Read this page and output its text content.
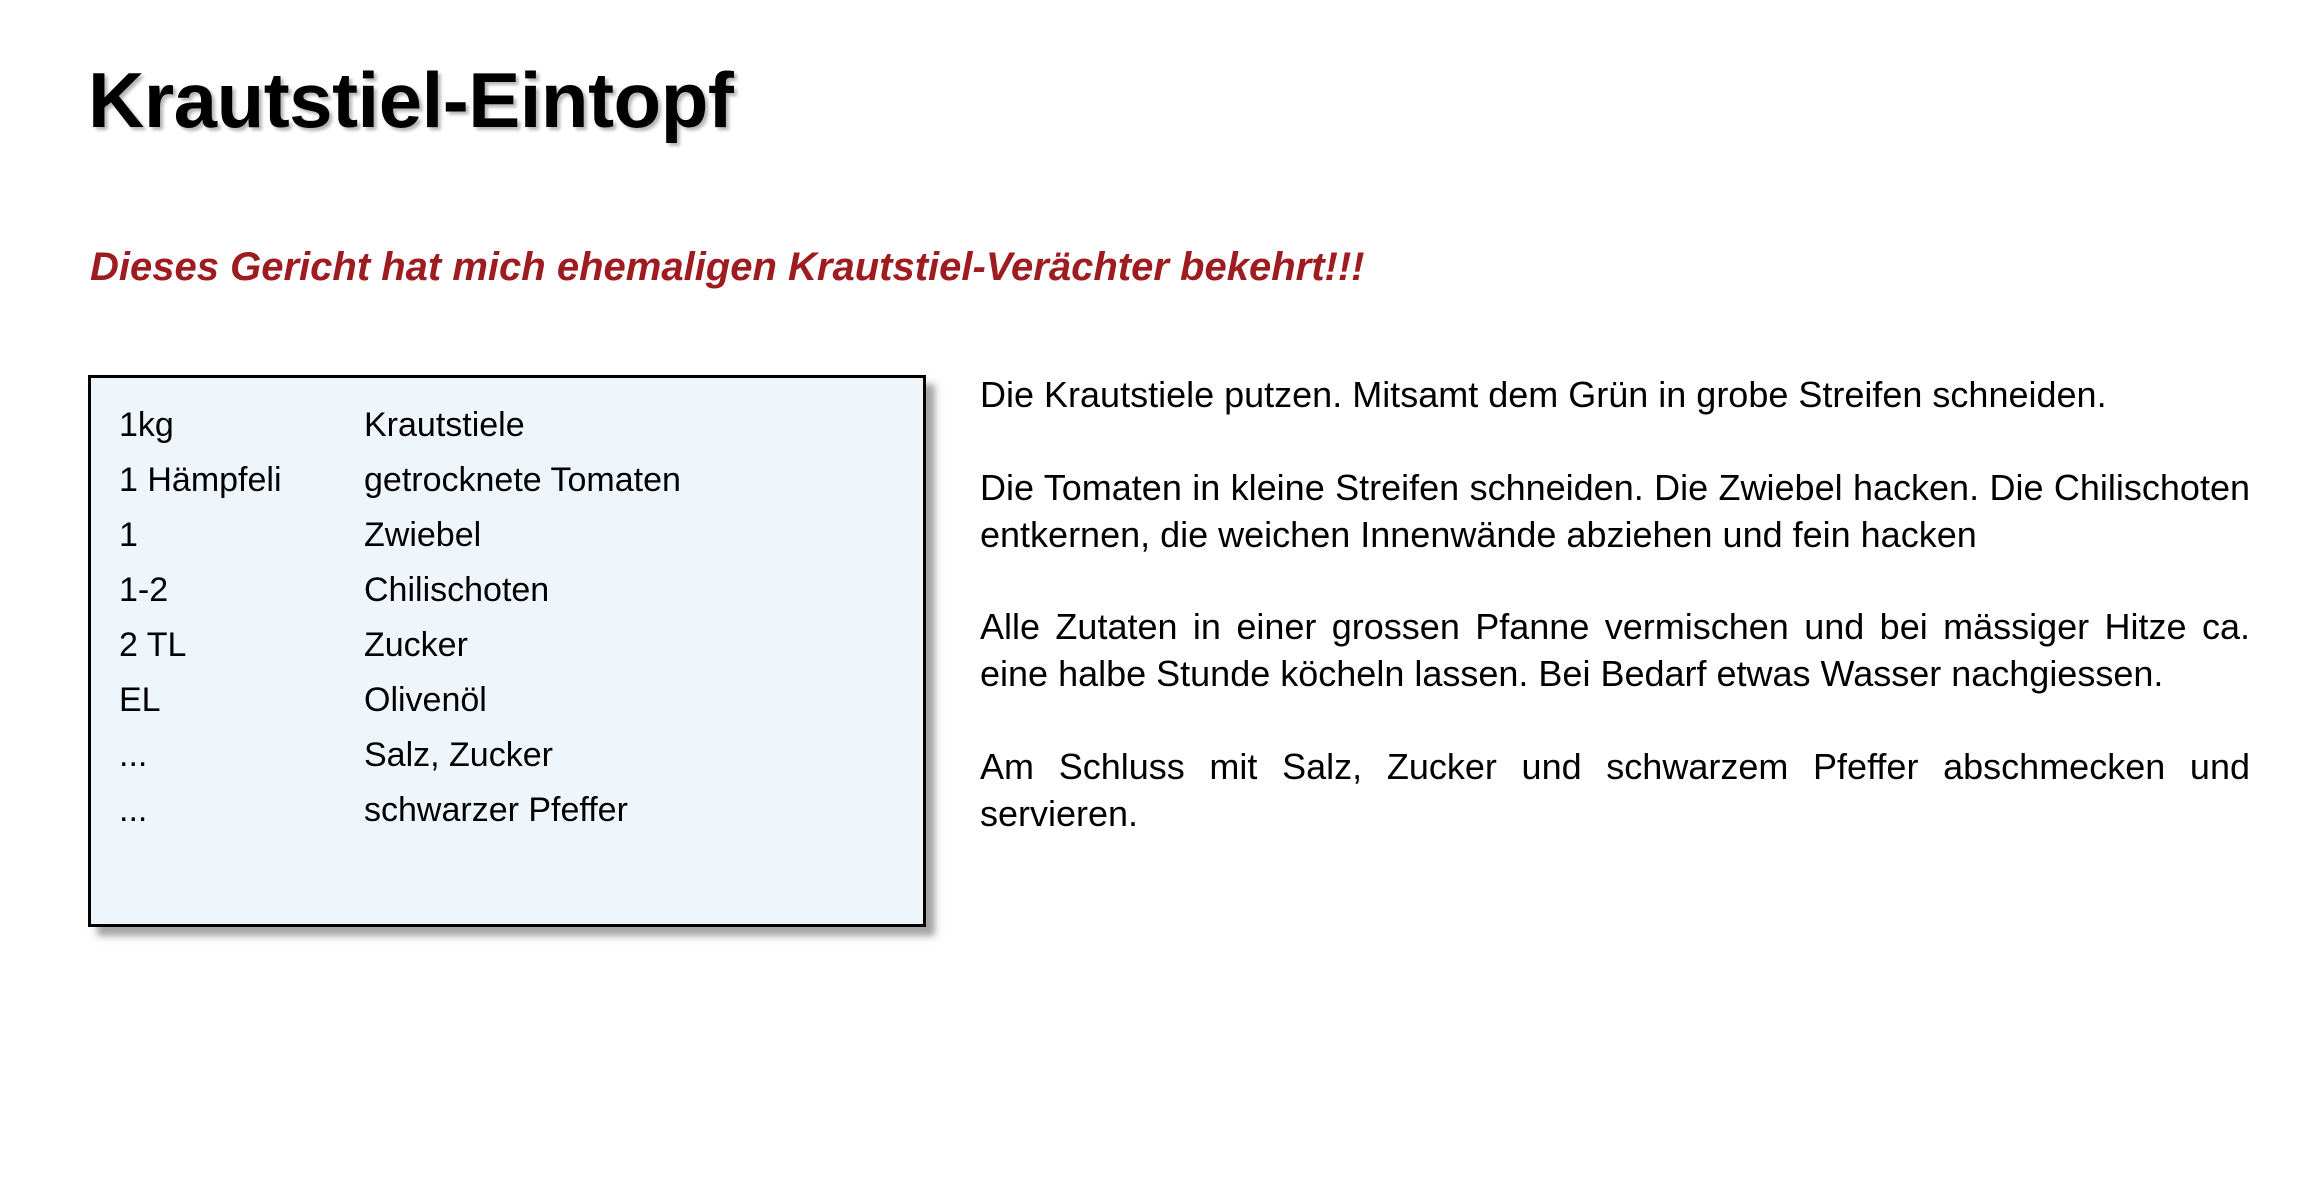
Krautstiel-Eintopf
Dieses Gericht hat mich ehemaligen Krautstiel-Verächter bekehrt!!!
1kg	Krautstiele
1 Hämpfeli	getrocknete Tomaten
1	Zwiebel
1-2	Chilischoten
2 TL	Zucker
EL	Olivenöl
...	Salz, Zucker
...	schwarzer Pfeffer

Die Krautstiele putzen. Mitsamt dem Grün in grobe Streifen schneiden.

Die Tomaten in kleine Streifen schneiden. Die Zwiebel hacken. Die Chilischoten entkernen, die weichen Innenwände abziehen und fein hacken

Alle Zutaten in einer grossen Pfanne vermischen und bei mässiger Hitze ca. eine halbe Stunde köcheln lassen. Bei Bedarf etwas Wasser nachgiessen.

Am Schluss mit Salz, Zucker und schwarzem Pfeffer abschmecken und servieren.
